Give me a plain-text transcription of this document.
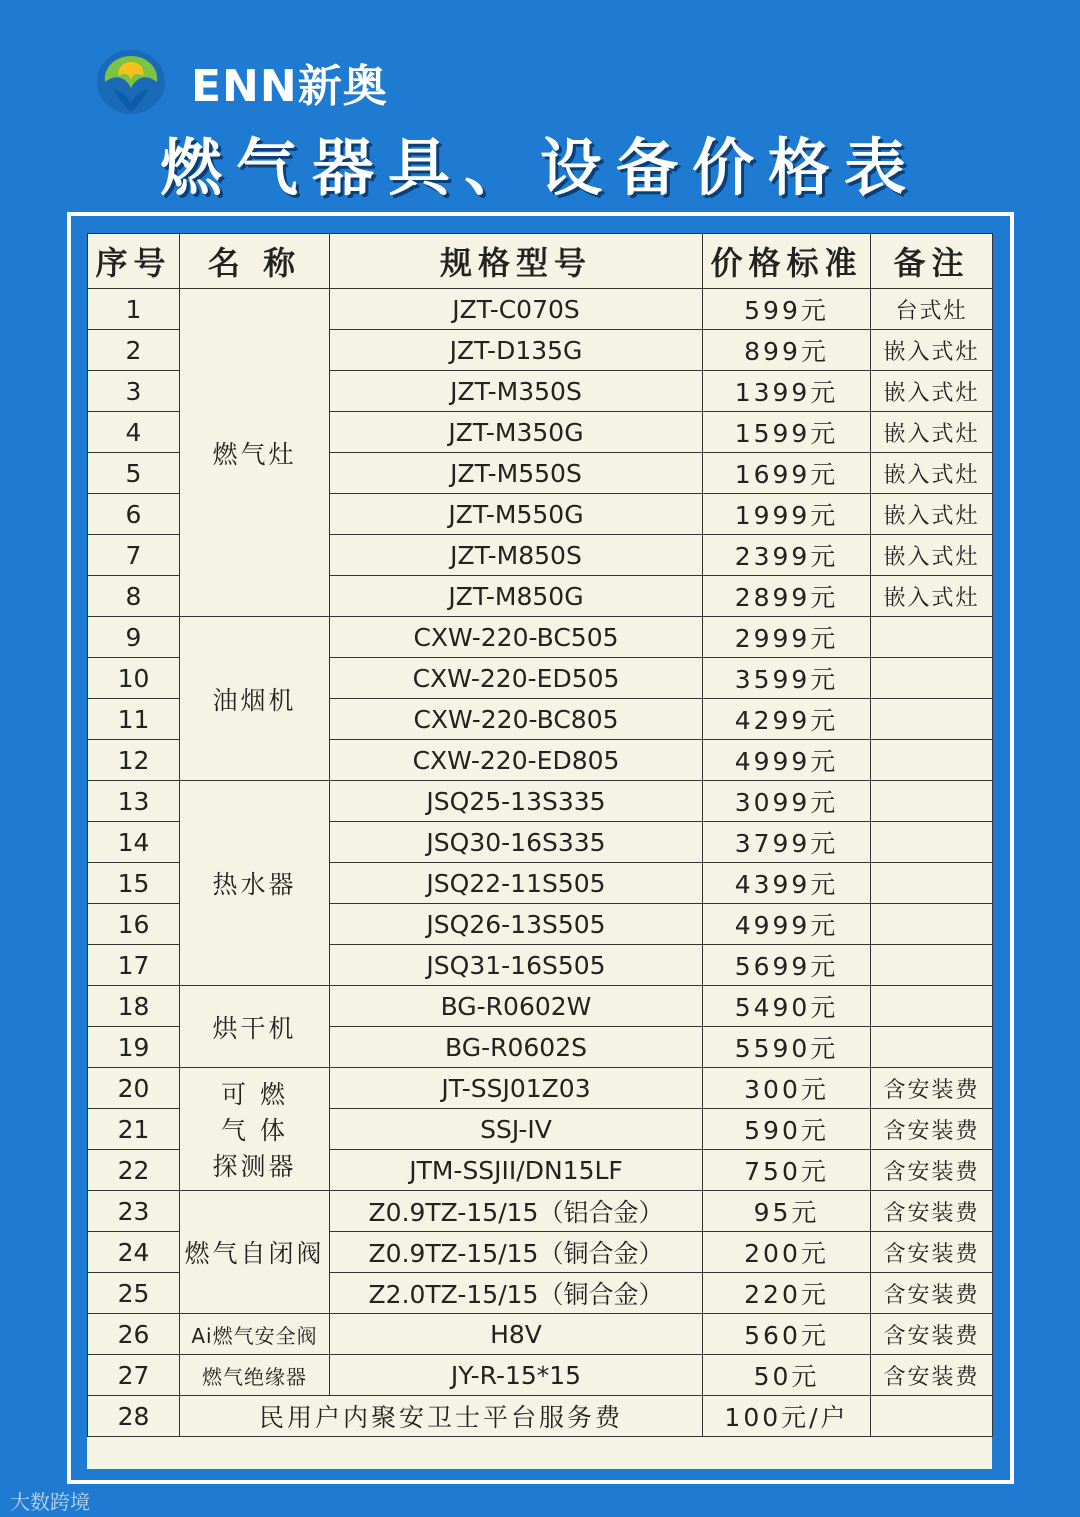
ENN新奥
燃气器具、设备价格表
序号	名 称	规格型号	价格标准	备注
1	燃气灶	JZT-C070S	599元	台式灶
2		JZT-D135G	899元	嵌入式灶
3		JZT-M350S	1399元	嵌入式灶
4		JZT-M350G	1599元	嵌入式灶
5		JZT-M550S	1699元	嵌入式灶
6		JZT-M550G	1999元	嵌入式灶
7		JZT-M850S	2399元	嵌入式灶
8		JZT-M850G	2899元	嵌入式灶
9	油烟机	CXW-220-BC505	2999元	
10		CXW-220-ED505	3599元	
11		CXW-220-BC805	4299元	
12		CXW-220-ED805	4999元	
13	热水器	JSQ25-13S335	3099元	
14		JSQ30-16S335	3799元	
15		JSQ22-11S505	4399元	
16		JSQ26-13S505	4999元	
17		JSQ31-16S505	5699元	
18	烘干机	BG-R0602W	5490元	
19		BG-R0602S	5590元	
20	可 燃
气 体
探测器	JT-SSJ01Z03	300元	含安装费
21		SSJ-IV	590元	含安装费
22		JTM-SSJII/DN15LF	750元	含安装费
23	燃气自闭阀	Z0.9TZ-15/15（铝合金）	95元	含安装费
24		Z0.9TZ-15/15（铜合金）	200元	含安装费
25		Z2.0TZ-15/15（铜合金）	220元	含安装费
26	Ai燃气安全阀	H8V	560元	含安装费
27	燃气绝缘器	JY-R-15*15	50元	含安装费
28	民用户内聚安卫士平台服务费		100元/户	
大数跨境
